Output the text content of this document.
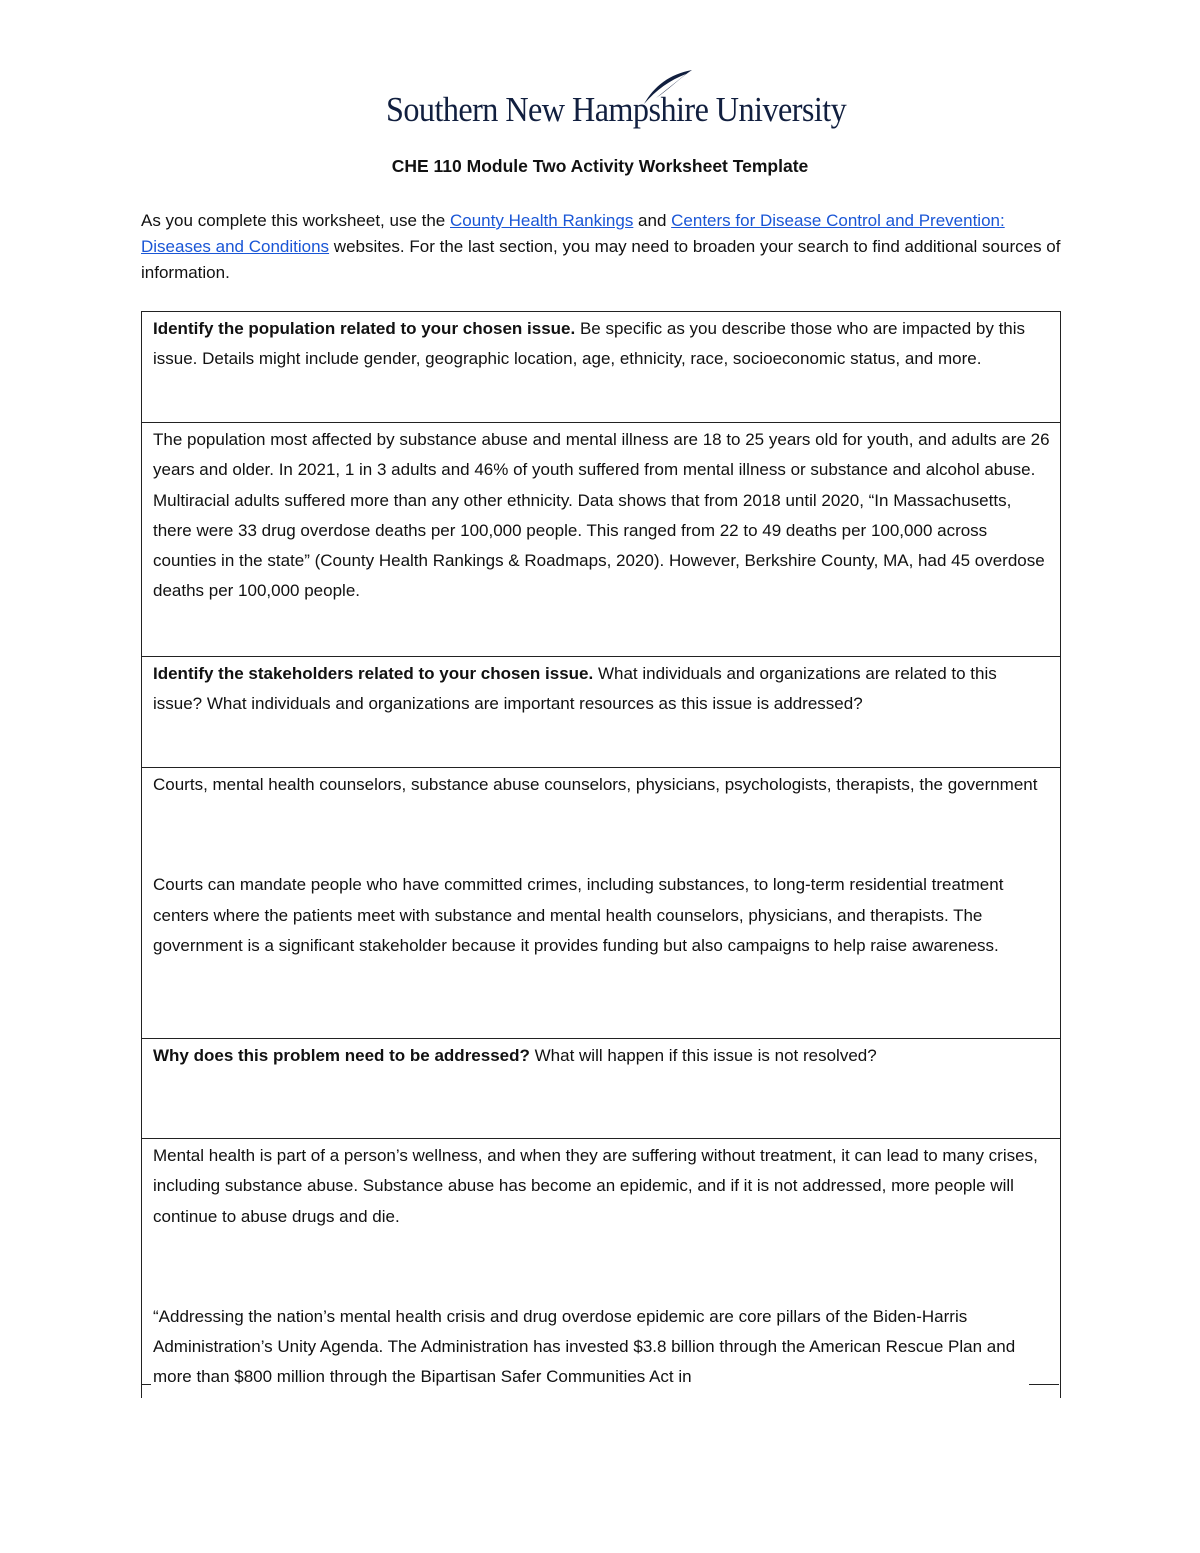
Southern New Hampshire University
CHE 110 Module Two Activity Worksheet Template
As you complete this worksheet, use the County Health Rankings and Centers for Disease Control and Prevention: Diseases and Conditions websites. For the last section, you may need to broaden your search to find additional sources of information.
Identify the population related to your chosen issue. Be specific as you describe those who are impacted by this issue. Details might include gender, geographic location, age, ethnicity, race, socioeconomic status, and more.
The population most affected by substance abuse and mental illness are 18 to 25 years old for youth, and adults are 26 years and older. In 2021, 1 in 3 adults and 46% of youth suffered from mental illness or substance and alcohol abuse. Multiracial adults suffered more than any other ethnicity. Data shows that from 2018 until 2020, “In Massachusetts, there were 33 drug overdose deaths per 100,000 people. This ranged from 22 to 49 deaths per 100,000 across counties in the state” (County Health Rankings & Roadmaps, 2020). However, Berkshire County, MA, had 45 overdose deaths per 100,000 people.
Identify the stakeholders related to your chosen issue. What individuals and organizations are related to this issue? What individuals and organizations are important resources as this issue is addressed?
Courts, mental health counselors, substance abuse counselors, physicians, psychologists, therapists, the government
Courts can mandate people who have committed crimes, including substances, to long-term residential treatment centers where the patients meet with substance and mental health counselors, physicians, and therapists. The government is a significant stakeholder because it provides funding but also campaigns to help raise awareness.
Why does this problem need to be addressed? What will happen if this issue is not resolved?
Mental health is part of a person’s wellness, and when they are suffering without treatment, it can lead to many crises, including substance abuse. Substance abuse has become an epidemic, and if it is not addressed, more people will continue to abuse drugs and die.
“Addressing the nation’s mental health crisis and drug overdose epidemic are core pillars of the Biden-Harris Administration’s Unity Agenda. The Administration has invested $3.8 billion through the American Rescue Plan and more than $800 million through the Bipartisan Safer Communities Act in
